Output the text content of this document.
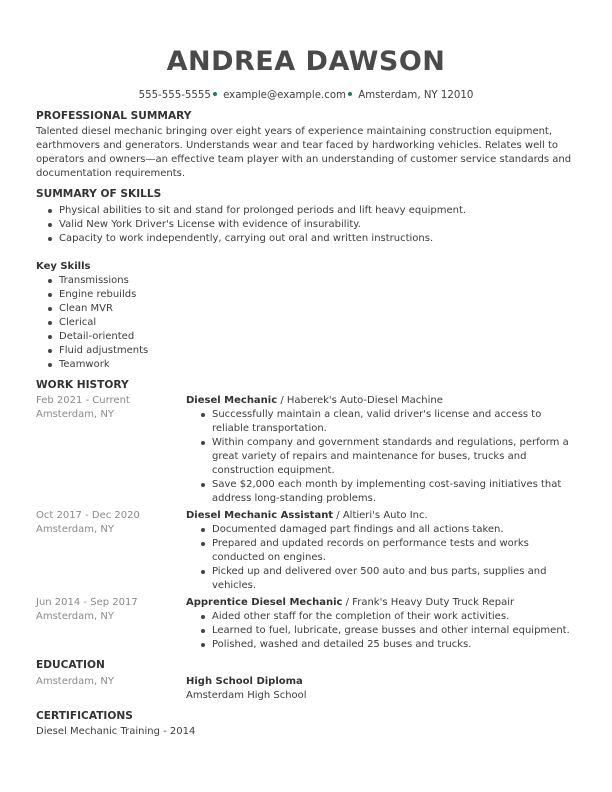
ANDREA DAWSON
555-555-5555 example@example.com Amsterdam, NY 12010
PROFESSIONAL SUMMARY
Talented diesel mechanic bringing over eight years of experience maintaining construction equipment, earthmovers and generators. Understands wear and tear faced by hardworking vehicles. Relates well to operators and owners—an effective team player with an understanding of customer service standards and documentation requirements.
SUMMARY OF SKILLS
Physical abilities to sit and stand for prolonged periods and lift heavy equipment.
Valid New York Driver's License with evidence of insurability.
Capacity to work independently, carrying out oral and written instructions.
Key Skills
Transmissions
Engine rebuilds
Clean MVR
Clerical
Detail-oriented
Fluid adjustments
Teamwork
WORK HISTORY
Feb 2021 - Current
Amsterdam, NY
Diesel Mechanic / Haberek's Auto-Diesel Machine
Successfully maintain a clean, valid driver's license and access to reliable transportation.
Within company and government standards and regulations, perform a great variety of repairs and maintenance for buses, trucks and construction equipment.
Save $2,000 each month by implementing cost-saving initiatives that address long-standing problems.
Oct 2017 - Dec 2020
Amsterdam, NY
Diesel Mechanic Assistant / Altieri's Auto Inc.
Documented damaged part findings and all actions taken.
Prepared and updated records on performance tests and works conducted on engines.
Picked up and delivered over 500 auto and bus parts, supplies and vehicles.
Jun 2014 - Sep 2017
Amsterdam, NY
Apprentice Diesel Mechanic / Frank's Heavy Duty Truck Repair
Aided other staff for the completion of their work activities.
Learned to fuel, lubricate, grease busses and other internal equipment.
Polished, washed and detailed 25 buses and trucks.
EDUCATION
Amsterdam, NY	High School Diploma
Amsterdam High School
CERTIFICATIONS
Diesel Mechanic Training - 2014
